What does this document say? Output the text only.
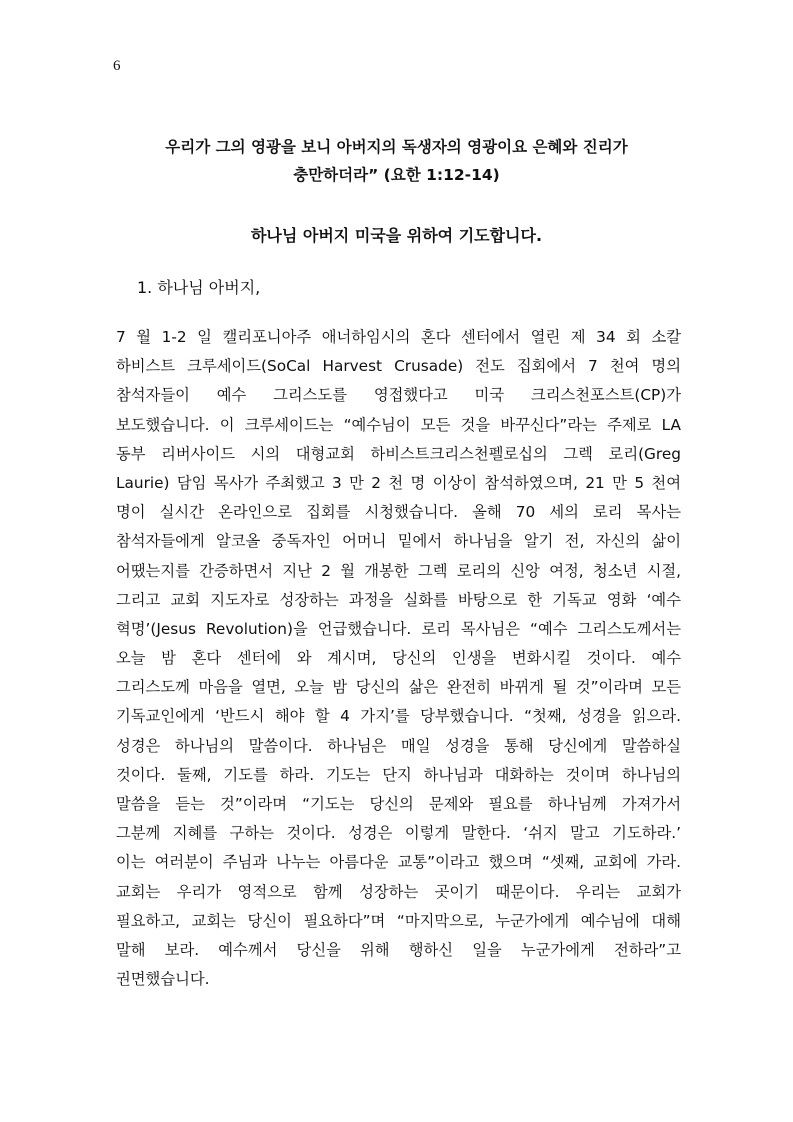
6
우리가 그의 영광을 보니 아버지의 독생자의 영광이요 은혜와 진리가
충만하더라” (요한 1:12-14)
하나님 아버지 미국을 위하여 기도합니다.
1. 하나님 아버지,
7 월 1-2 일 캘리포니아주 애너하임시의 혼다 센터에서 열린 제 34 회 소칼
하비스트 크루세이드(SoCal Harvest Crusade) 전도 집회에서 7 천여 명의
참석자들이 예수 그리스도를 영접했다고 미국 크리스천포스트(CP)가
보도했습니다. 이 크루세이드는 “예수님이 모든 것을 바꾸신다”라는 주제로 LA
동부 리버사이드 시의 대형교회 하비스트크리스천펠로십의 그렉 로리(Greg
Laurie) 담임 목사가 주최했고 3 만 2 천 명 이상이 참석하였으며, 21 만 5 천여
명이 실시간 온라인으로 집회를 시청했습니다. 올해 70 세의 로리 목사는
참석자들에게 알코올 중독자인 어머니 밑에서 하나님을 알기 전, 자신의 삶이
어땠는지를 간증하면서 지난 2 월 개봉한 그렉 로리의 신앙 여정, 청소년 시절,
그리고 교회 지도자로 성장하는 과정을 실화를 바탕으로 한 기독교 영화 ‘예수
혁명’(Jesus Revolution)을 언급했습니다. 로리 목사님은 “예수 그리스도께서는
오늘 밤 혼다 센터에 와 계시며, 당신의 인생을 변화시킬 것이다. 예수
그리스도께 마음을 열면, 오늘 밤 당신의 삶은 완전히 바뀌게 될 것”이라며 모든
기독교인에게 ‘반드시 해야 할 4 가지’를 당부했습니다. “첫째, 성경을 읽으라.
성경은 하나님의 말씀이다. 하나님은 매일 성경을 통해 당신에게 말씀하실
것이다. 둘째, 기도를 하라. 기도는 단지 하나님과 대화하는 것이며 하나님의
말씀을 듣는 것”이라며 “기도는 당신의 문제와 필요를 하나님께 가져가서
그분께 지혜를 구하는 것이다. 성경은 이렇게 말한다. ‘쉬지 말고 기도하라.’
이는 여러분이 주님과 나누는 아름다운 교통”이라고 했으며 “셋째, 교회에 가라.
교회는 우리가 영적으로 함께 성장하는 곳이기 때문이다. 우리는 교회가
필요하고, 교회는 당신이 필요하다”며 “마지막으로, 누군가에게 예수님에 대해
말해 보라. 예수께서 당신을 위해 행하신 일을 누군가에게 전하라”고
권면했습니다.
